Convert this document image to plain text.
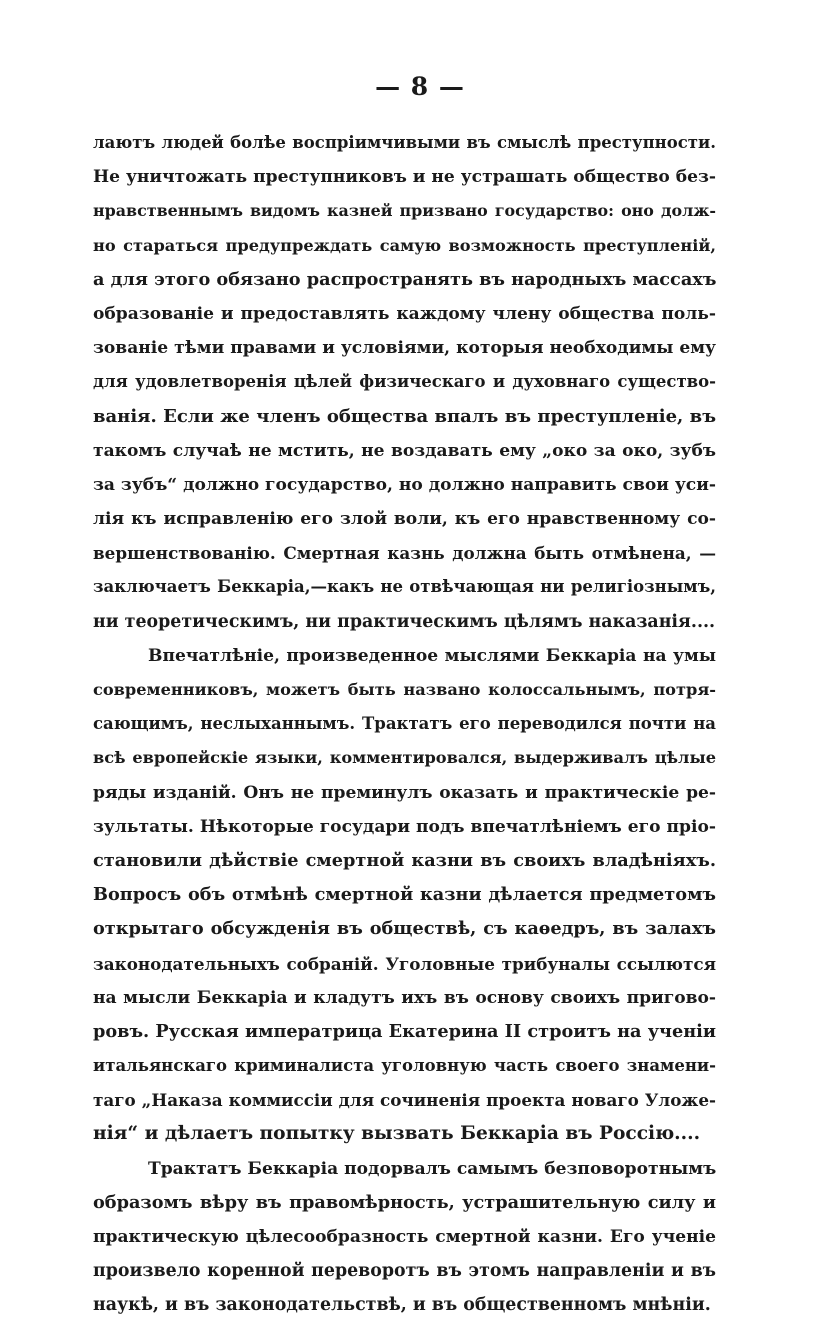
— 8 —
лаютъ людей болѣе воспріимчивыми въ смыслѣ преступности.
Не уничтожать преступниковъ и не устрашать общество без-
нравственнымъ видомъ казней призвано государство: оно долж-
но стараться предупреждать самую возможность преступленій,
а для этого обязано распространять въ народныхъ массахъ
образованіе и предоставлять каждому члену общества поль-
зованіе тѣми правами и условіями, которыя необходимы ему
для удовлетворенія цѣлей физическаго и духовнаго существо-
ванія. Если же членъ общества впалъ въ преступленіе, въ
такомъ случаѣ не мстить, не воздавать ему „око за око, зубъ
за зубъ“ должно государство, но должно направить свои уси-
лія къ исправленію его злой воли, къ его нравственному со-
вершенствованію. Смертная казнь должна быть отмѣнена, —
заключаетъ Беккаріа,—какъ не отвѣчающая ни религіознымъ,
ни теоретическимъ, ни практическимъ цѣлямъ наказанія....
Впечатлѣніе, произведенное мыслями Беккаріа на умы
современниковъ, можетъ быть названо колоссальнымъ, потря-
сающимъ, неслыханнымъ. Трактатъ его переводился почти на
всѣ европейскіе языки, комментировался, выдерживалъ цѣлые
ряды изданій. Онъ не преминулъ оказать и практическіе ре-
зультаты. Нѣкоторые государи подъ впечатлѣніемъ его пріо-
становили дѣйствіе смертной казни въ своихъ владѣніяхъ.
Вопросъ объ отмѣнѣ смертной казни дѣлается предметомъ
открытаго обсужденія въ обществѣ, съ каѳедръ, въ залахъ
законодательныхъ собраній. Уголовные трибуналы ссылются
на мысли Беккаріа и кладутъ ихъ въ основу своихъ пригово-
ровъ. Русская императрица Екатерина II строитъ на ученіи
итальянскаго криминалиста уголовную часть своего знамени-
таго „Наказа коммиссіи для сочиненія проекта новаго Уложе-
нія“ и дѣлаетъ попытку вызвать Беккаріа въ Россію....
Трактатъ Беккаріа подорвалъ самымъ безповоротнымъ
образомъ вѣру въ правомѣрность, устрашительную силу и
практическую цѣлесообразность смертной казни. Его ученіе
произвело коренной переворотъ въ этомъ направленіи и въ
наукѣ, и въ законодательствѣ, и въ общественномъ мнѣніи.
